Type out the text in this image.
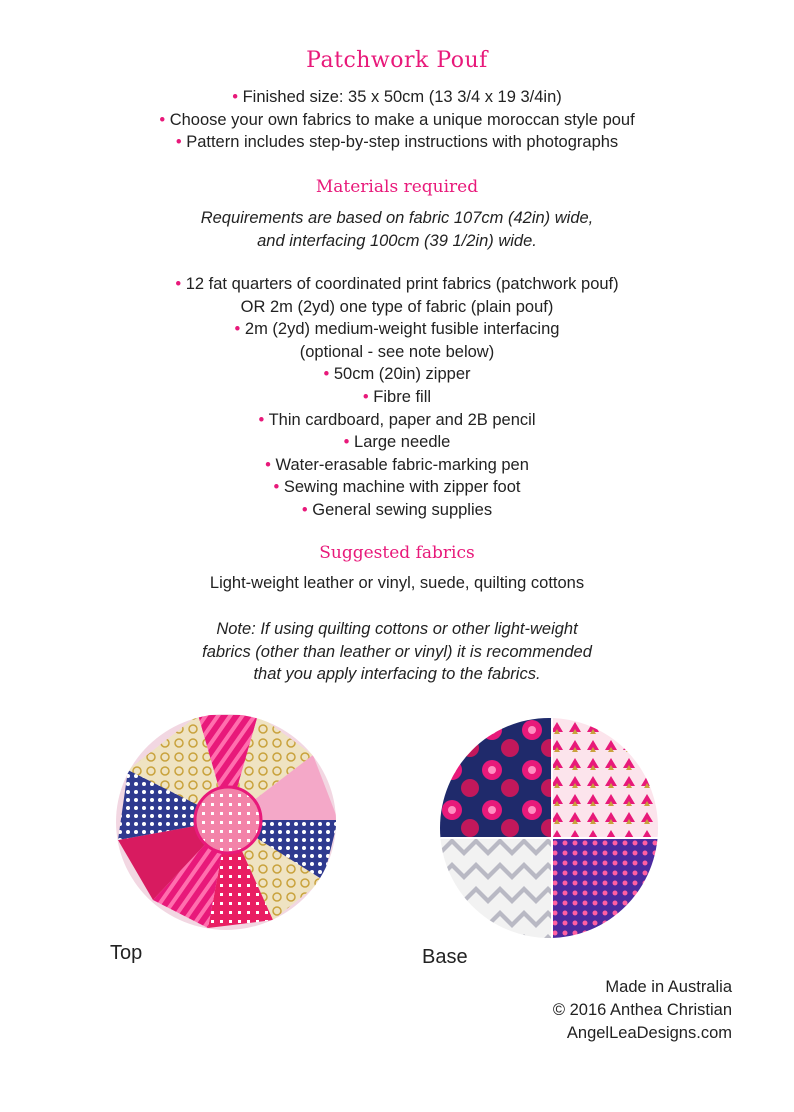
Patchwork Pouf

• Finished size: 35 x 50cm (13 3/4 x 19 3/4in)

• Choose your own fabrics to make a unique moroccan style pouf

• Pattern includes step-by-step instructions with photographs

Materials required

Requirements are based on fabric 107cm (42in) wide,

and interfacing 100cm (39 1/2in) wide.

• 12 fat quarters of coordinated print fabrics (patchwork pouf)

OR 2m (2yd) one type of fabric (plain pouf)

• 2m (2yd) medium-weight fusible interfacing

(optional - see note below)

• 50cm (20in) zipper

• Fibre fill

• Thin cardboard, paper and 2B pencil

• Large needle

• Water-erasable fabric-marking pen

• Sewing machine with zipper foot

• General sewing supplies

Suggested fabrics
Light-weight leather or vinyl, suede, quilting cottons

Note: If using quilting cottons or other light-weight

fabrics (other than leather or vinyl) it is recommended

that you apply interfacing to the fabrics.

Top	Base
Made in Australia
© 2016 Anthea Christian
AngelLeaDesigns.com
